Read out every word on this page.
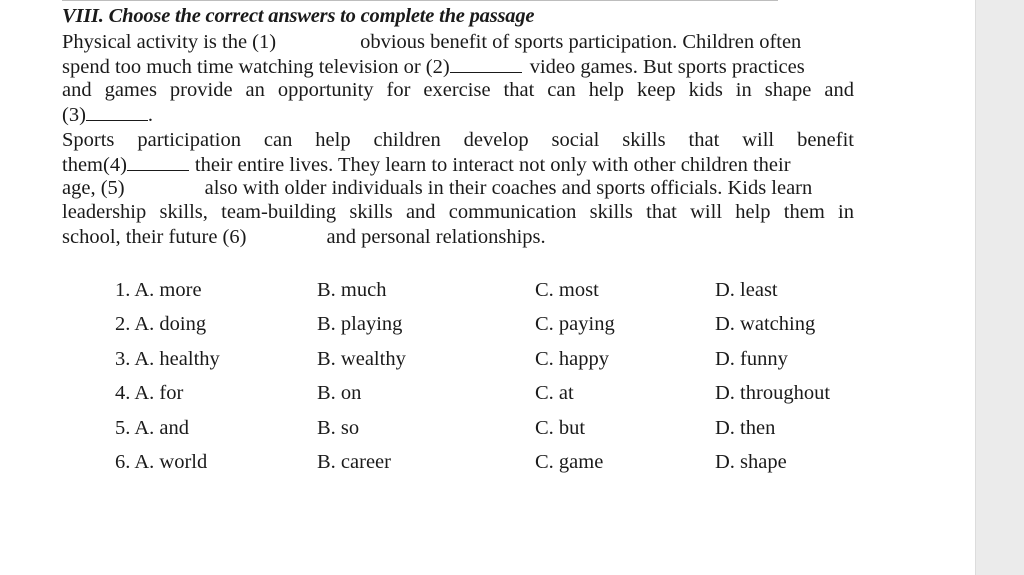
VIII. Choose the correct answers to complete the passage
Physical activity is the (1)	obvious benefit of sports participation. Children often
spend too much time watching television or (2)	video games. But sports practices
and games provide an opportunity for exercise that can help keep kids in shape and
(3)	.
Sports participation can help children develop social skills that will benefit
them(4)	their entire lives. They learn to interact not only with other children their
age, (5)	also with older individuals in their coaches and sports officials. Kids learn
leadership skills, team-building skills and communication skills that will help them in
school, their future (6)	and personal relationships.
1. A. more	B. much	C. most	D. least
2. A. doing	B. playing	C. paying	D. watching
3. A. healthy	B. wealthy	C. happy	D. funny
4. A. for	B. on	C. at	D. throughout
5. A. and	B. so	C. but	D. then
6. A. world	B. career	C. game	D. shape
